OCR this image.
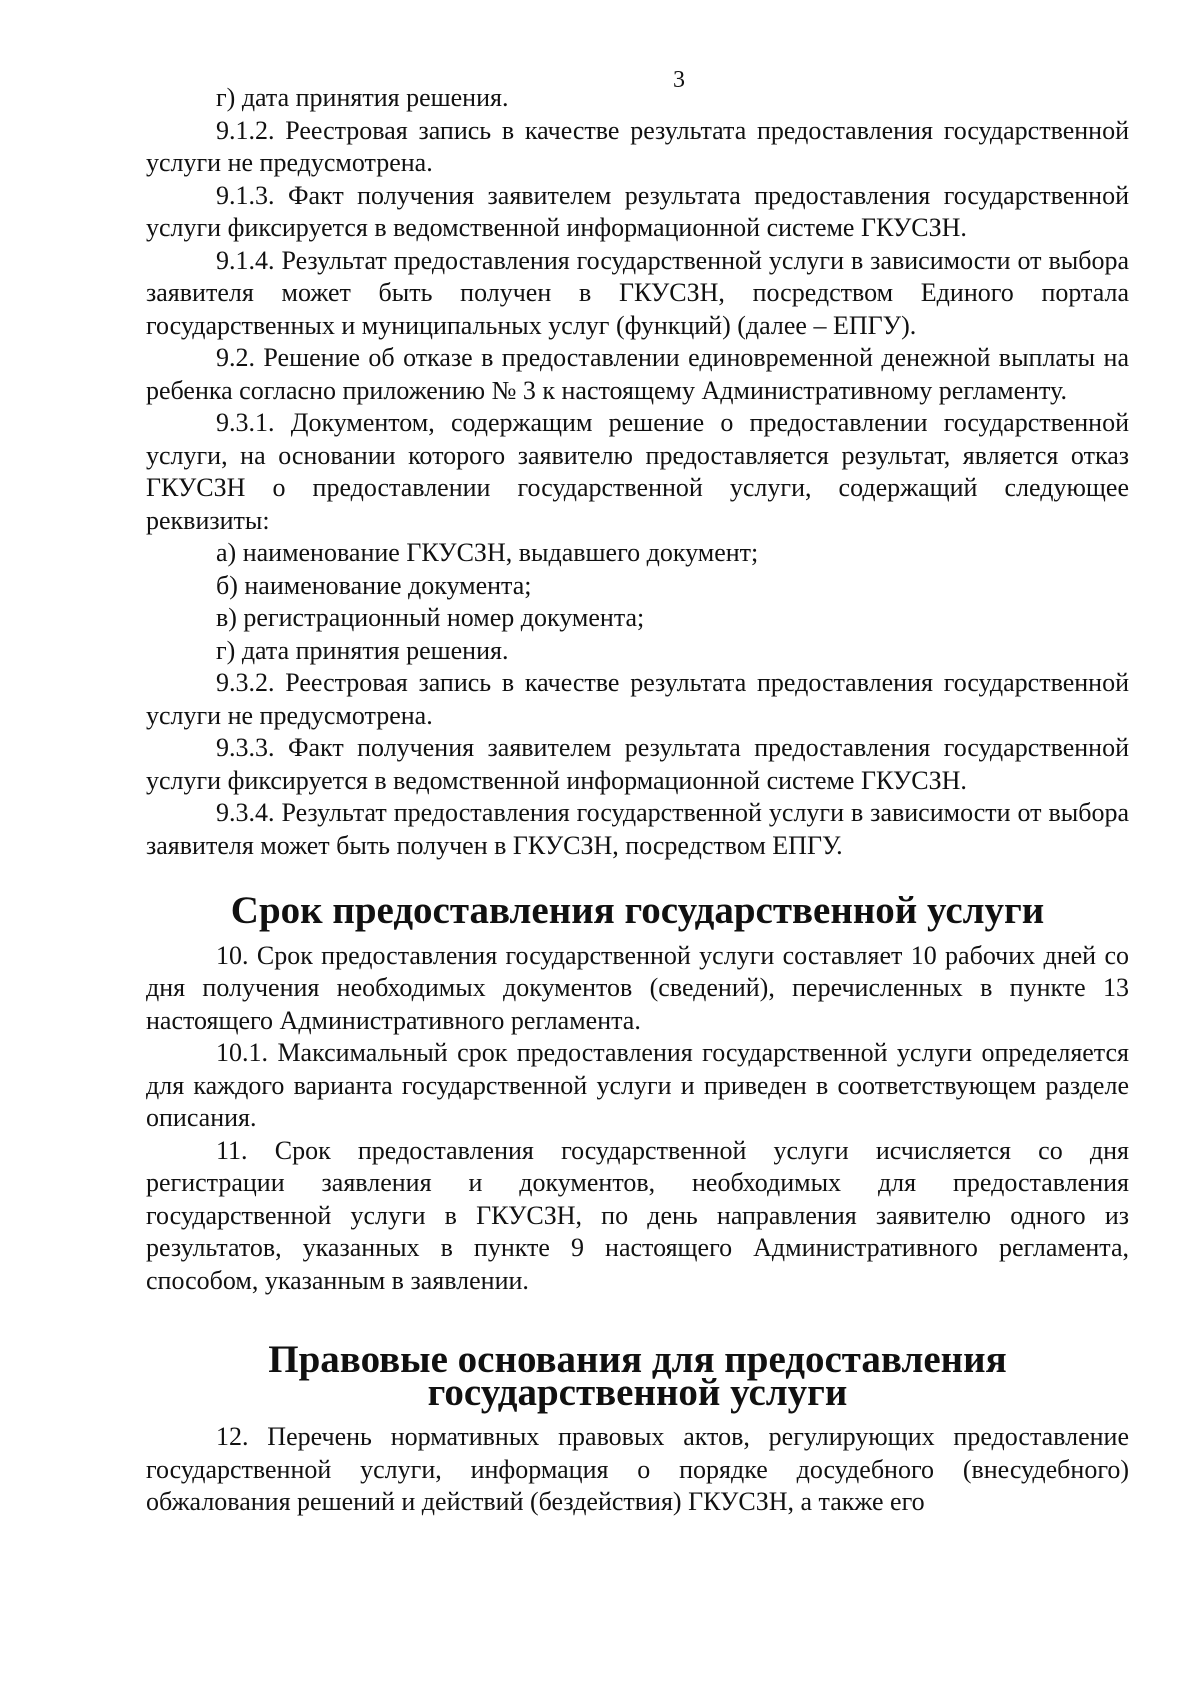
3

г) дата принятия решения.

9.1.2. Реестровая запись в качестве результата предоставления государственной услуги не предусмотрена.

9.1.3. Факт получения заявителем результата предоставления государственной услуги фиксируется в ведомственной информационной системе ГКУСЗН.

9.1.4. Результат предоставления государственной услуги в зависимости от выбора заявителя может быть получен в ГКУСЗН, посредством Единого портала государственных и муниципальных услуг (функций) (далее – ЕПГУ).

9.2. Решение об отказе в предоставлении единовременной денежной выплаты на ребенка согласно приложению № 3 к настоящему Административному регламенту.

9.3.1. Документом, содержащим решение о предоставлении государственной услуги, на основании которого заявителю предоставляется результат, является отказ ГКУСЗН о предоставлении государственной услуги, содержащий следующее реквизиты:

а) наименование ГКУСЗН, выдавшего документ;

б) наименование документа;

в) регистрационный номер документа;

г) дата принятия решения.

9.3.2. Реестровая запись в качестве результата предоставления государственной услуги не предусмотрена.

9.3.3. Факт получения заявителем результата предоставления государственной услуги фиксируется в ведомственной информационной системе ГКУСЗН.

9.3.4. Результат предоставления государственной услуги в зависимости от выбора заявителя может быть получен в ГКУСЗН, посредством ЕПГУ.

Срок предоставления государственной услуги

10. Срок предоставления государственной услуги составляет 10 рабочих дней со дня получения необходимых документов (сведений), перечисленных в пункте 13 настоящего Административного регламента.

10.1. Максимальный срок предоставления государственной услуги определяется для каждого варианта государственной услуги и приведен в соответствующем разделе описания.

11. Срок предоставления государственной услуги исчисляется со дня регистрации заявления и документов, необходимых для предоставления государственной услуги в ГКУСЗН, по день направления заявителю одного из результатов, указанных в пункте 9 настоящего Административного регламента, способом, указанным в заявлении.

Правовые основания для предоставления государственной услуги

12. Перечень нормативных правовых актов, регулирующих предоставление государственной услуги, информация о порядке досудебного (внесудебного) обжалования решений и действий (бездействия) ГКУСЗН, а также его
